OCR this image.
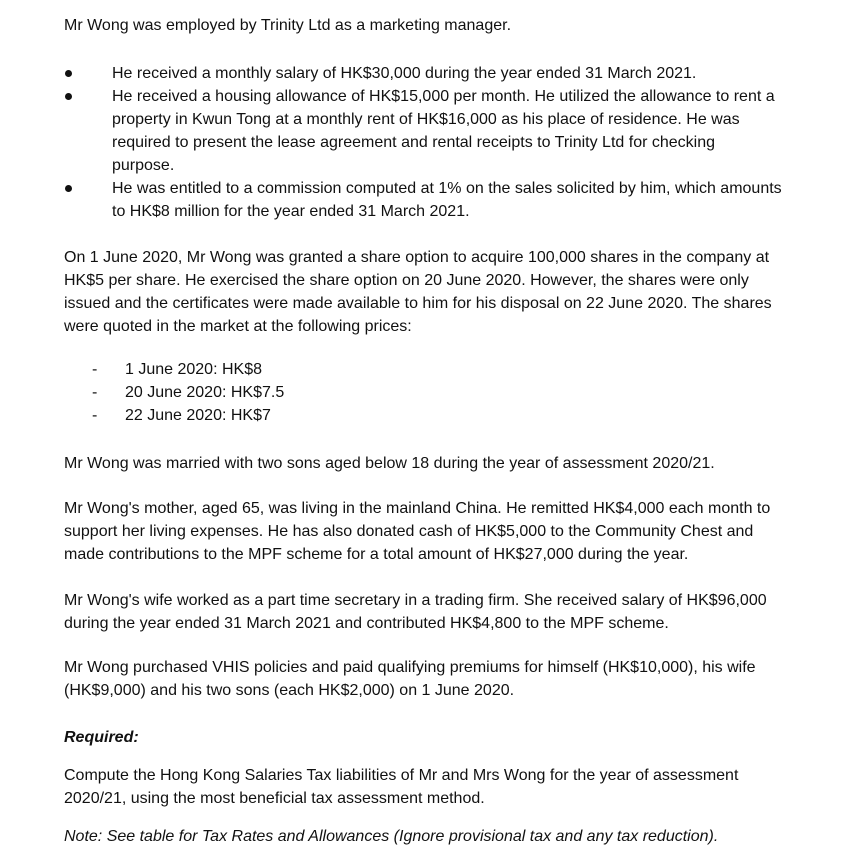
Mr Wong was employed by Trinity Ltd as a marketing manager.
He received a monthly salary of HK$30,000 during the year ended 31 March 2021.
He received a housing allowance of HK$15,000 per month. He utilized the allowance to rent a
property in Kwun Tong at a monthly rent of HK$16,000 as his place of residence. He was
required to present the lease agreement and rental receipts to Trinity Ltd for checking
purpose.
He was entitled to a commission computed at 1% on the sales solicited by him, which amounts
to HK$8 million for the year ended 31 March 2021.
On 1 June 2020, Mr Wong was granted a share option to acquire 100,000 shares in the company at
HK$5 per share. He exercised the share option on 20 June 2020. However, the shares were only
issued and the certificates were made available to him for his disposal on 22 June 2020. The shares
were quoted in the market at the following prices:
- 1 June 2020: HK$8
- 20 June 2020: HK$7.5
- 22 June 2020: HK$7
Mr Wong was married with two sons aged below 18 during the year of assessment 2020/21.
Mr Wong's mother, aged 65, was living in the mainland China. He remitted HK$4,000 each month to
support her living expenses. He has also donated cash of HK$5,000 to the Community Chest and
made contributions to the MPF scheme for a total amount of HK$27,000 during the year.
Mr Wong's wife worked as a part time secretary in a trading firm. She received salary of HK$96,000
during the year ended 31 March 2021 and contributed HK$4,800 to the MPF scheme.
Mr Wong purchased VHIS policies and paid qualifying premiums for himself (HK$10,000), his wife
(HK$9,000) and his two sons (each HK$2,000) on 1 June 2020.
Required:
Compute the Hong Kong Salaries Tax liabilities of Mr and Mrs Wong for the year of assessment
2020/21, using the most beneficial tax assessment method.
Note: See table for Tax Rates and Allowances (Ignore provisional tax and any tax reduction).
